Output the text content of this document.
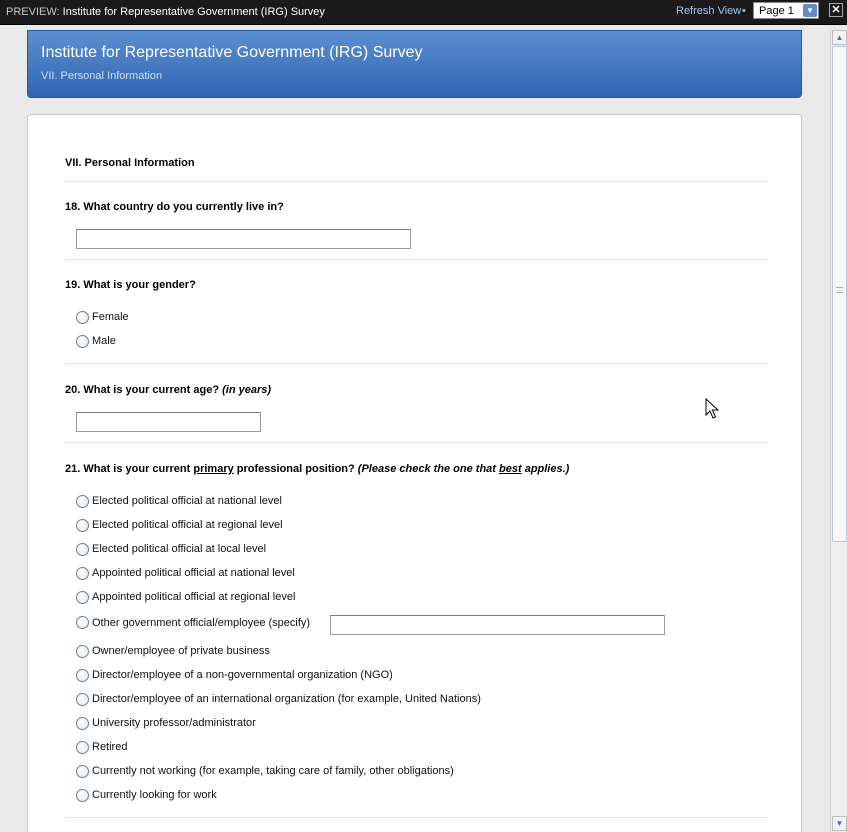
PREVIEW: Institute for Representative Government (IRG) Survey	Refresh View •	Page 1	▼ ✕
▲
▼
Institute for Representative Government (IRG) Survey
VII. Personal Information
VII. Personal Information
18. What country do you currently live in?
19. What is your gender?
Female
Male
20. What is your current age? (in years)
21. What is your current primary professional position? (Please check the one that best applies.)
Elected political official at national level
Elected political official at regional level
Elected political official at local level
Appointed political official at national level
Appointed political official at regional level
Other government official/employee (specify)
Owner/employee of private business
Director/employee of a non-governmental organization (NGO)
Director/employee of an international organization (for example, United Nations)
University professor/administrator
Retired
Currently not working (for example, taking care of family, other obligations)
Currently looking for work
